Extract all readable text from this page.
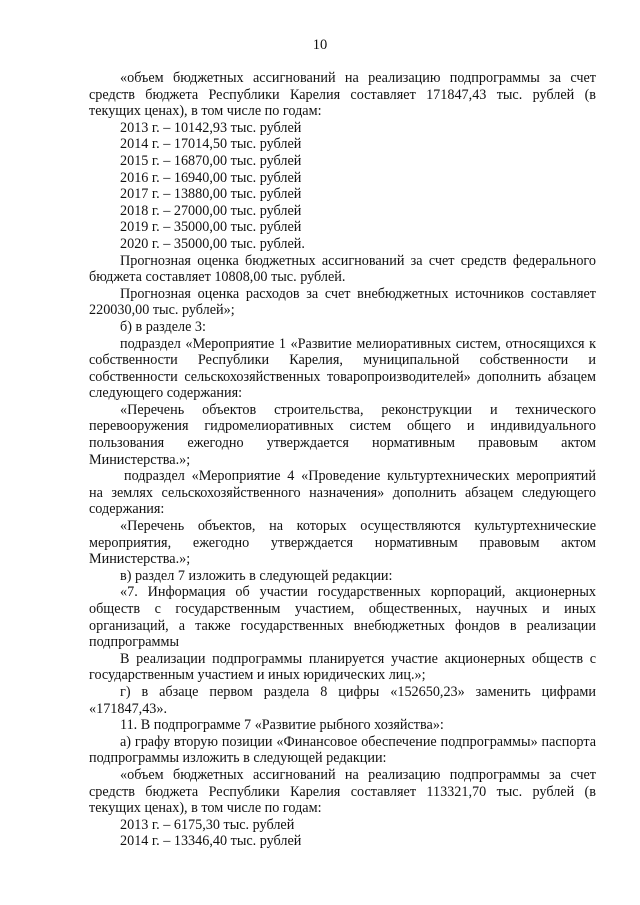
10

«объем бюджетных ассигнований на реализацию подпрограммы за счет средств бюджета Республики Карелия составляет 171847,43 тыс. рублей (в текущих ценах), в том числе по годам:

2013 г. – 10142,93 тыс. рублей

2014 г. – 17014,50 тыс. рублей

2015 г. – 16870,00 тыс. рублей

2016 г. – 16940,00 тыс. рублей

2017 г. – 13880,00 тыс. рублей

2018 г. – 27000,00 тыс. рублей

2019 г. – 35000,00 тыс. рублей

2020 г. – 35000,00 тыс. рублей.

Прогнозная оценка бюджетных ассигнований за счет средств федерального бюджета составляет 10808,00 тыс. рублей.

Прогнозная оценка расходов за счет внебюджетных источников составляет 220030,00 тыс. рублей»;

б) в разделе 3:

подраздел «Мероприятие 1 «Развитие мелиоративных систем, относящихся к собственности Республики Карелия, муниципальной собственности и собственности сельскохозяйственных товаропроизводителей» дополнить абзацем следующего содержания:

«Перечень объектов строительства, реконструкции и технического перевооружения гидромелиоративных систем общего и индивидуального пользования ежегодно утверждается нормативным правовым актом Министерства.»;

подраздел «Мероприятие 4 «Проведение культуртехнических мероприятий на землях сельскохозяйственного назначения» дополнить абзацем следующего содержания:

«Перечень объектов, на которых осуществляются культуртехнические мероприятия, ежегодно утверждается нормативным правовым актом Министерства.»;

в) раздел 7 изложить в следующей редакции:

«7. Информация об участии государственных корпораций, акционерных обществ с государственным участием, общественных, научных и иных организаций, а также государственных внебюджетных фондов в реализации подпрограммы

В реализации подпрограммы планируется участие акционерных обществ с государственным участием и иных юридических лиц.»;

г) в абзаце первом раздела 8 цифры «152650,23» заменить цифрами «171847,43».

11. В подпрограмме 7 «Развитие рыбного хозяйства»:

а) графу вторую позиции «Финансовое обеспечение подпрограммы» паспорта подпрограммы изложить в следующей редакции:

«объем бюджетных ассигнований на реализацию подпрограммы за счет средств бюджета Республики Карелия составляет 113321,70 тыс. рублей (в текущих ценах), в том числе по годам:

2013 г. – 6175,30 тыс. рублей

2014 г. – 13346,40 тыс. рублей
